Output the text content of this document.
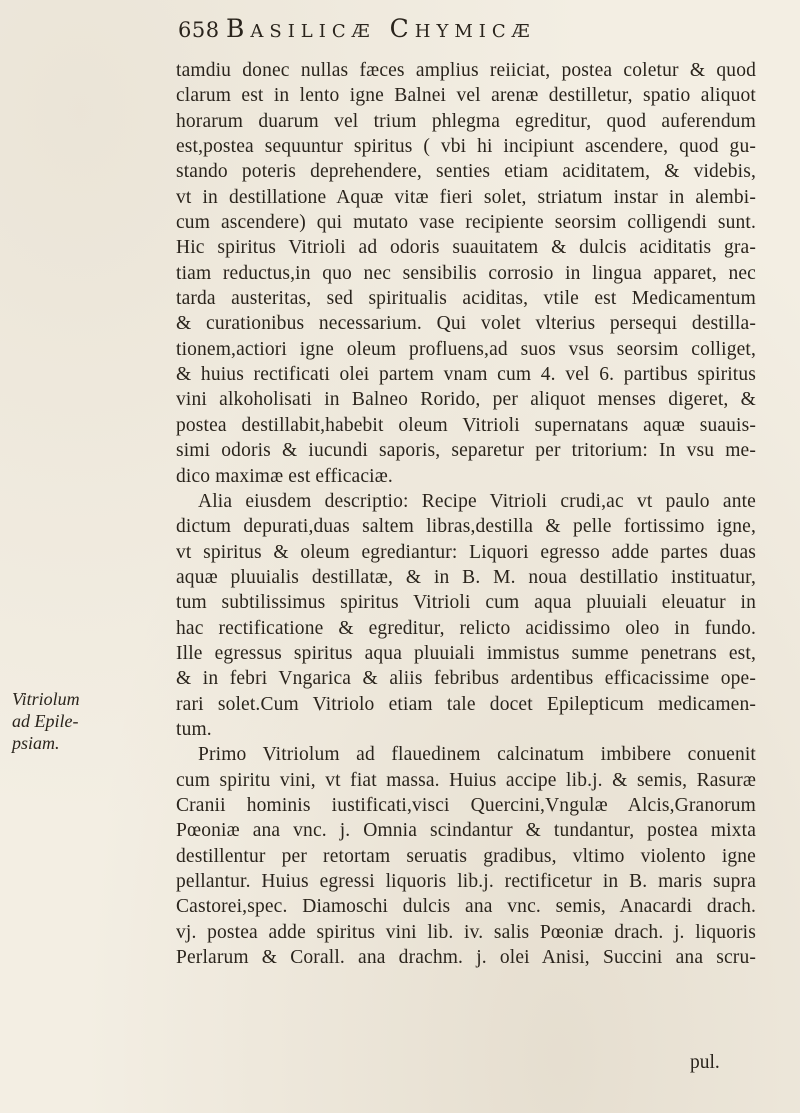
658 Basilicæ Chymicæ
Vitriolum
ad Epile-
psiam.
tamdiu donec nullas fæces amplius reiiciat, postea coletur & quod
clarum est in lento igne Balnei vel arenæ destilletur, spatio aliquot
horarum duarum vel trium phlegma egreditur, quod auferendum
est,postea sequuntur spiritus ( vbi hi incipiunt ascendere, quod gu-
stando poteris deprehendere, senties etiam aciditatem, & videbis,
vt in destillatione Aquæ vitæ fieri solet, striatum instar in alembi-
cum ascendere) qui mutato vase recipiente seorsim colligendi sunt.
Hic spiritus Vitrioli ad odoris suauitatem & dulcis aciditatis gra-
tiam reductus,in quo nec sensibilis corrosio in lingua apparet, nec
tarda austeritas, sed spiritualis aciditas, vtile est Medicamentum
& curationibus necessarium. Qui volet vlterius persequi destilla-
tionem,actiori igne oleum profluens,ad suos vsus seorsim colliget,
& huius rectificati olei partem vnam cum 4. vel 6. partibus spiritus
vini alkoholisati in Balneo Rorido, per aliquot menses digeret, &
postea destillabit,habebit oleum Vitrioli supernatans aquæ suauis-
simi odoris & iucundi saporis, separetur per tritorium: In vsu me-
dico maximæ est efficaciæ.
Alia eiusdem descriptio: Recipe Vitrioli crudi,ac vt paulo ante
dictum depurati,duas saltem libras,destilla & pelle fortissimo igne,
vt spiritus & oleum egrediantur: Liquori egresso adde partes duas
aquæ pluuialis destillatæ, & in B. M. noua destillatio instituatur,
tum subtilissimus spiritus Vitrioli cum aqua pluuiali eleuatur in
hac rectificatione & egreditur, relicto acidissimo oleo in fundo.
Ille egressus spiritus aqua pluuiali immistus summe penetrans est,
& in febri Vngarica & aliis febribus ardentibus efficacissime ope-
rari solet.Cum Vitriolo etiam tale docet Epilepticum medicamen-
tum.
Primo Vitriolum ad flauedinem calcinatum imbibere conuenit
cum spiritu vini, vt fiat massa. Huius accipe lib.j. & semis, Rasuræ
Cranii hominis iustificati,visci Quercini,Vngulæ Alcis,Granorum
Pœoniæ ana vnc. j. Omnia scindantur & tundantur, postea mixta
destillentur per retortam seruatis gradibus, vltimo violento igne
pellantur. Huius egressi liquoris lib.j. rectificetur in B. maris supra
Castorei,spec. Diamoschi dulcis ana vnc. semis, Anacardi drach.
vj. postea adde spiritus vini lib. iv. salis Pœoniæ drach. j. liquoris
Perlarum & Corall. ana drachm. j. olei Anisi, Succini ana scru-
pul.
